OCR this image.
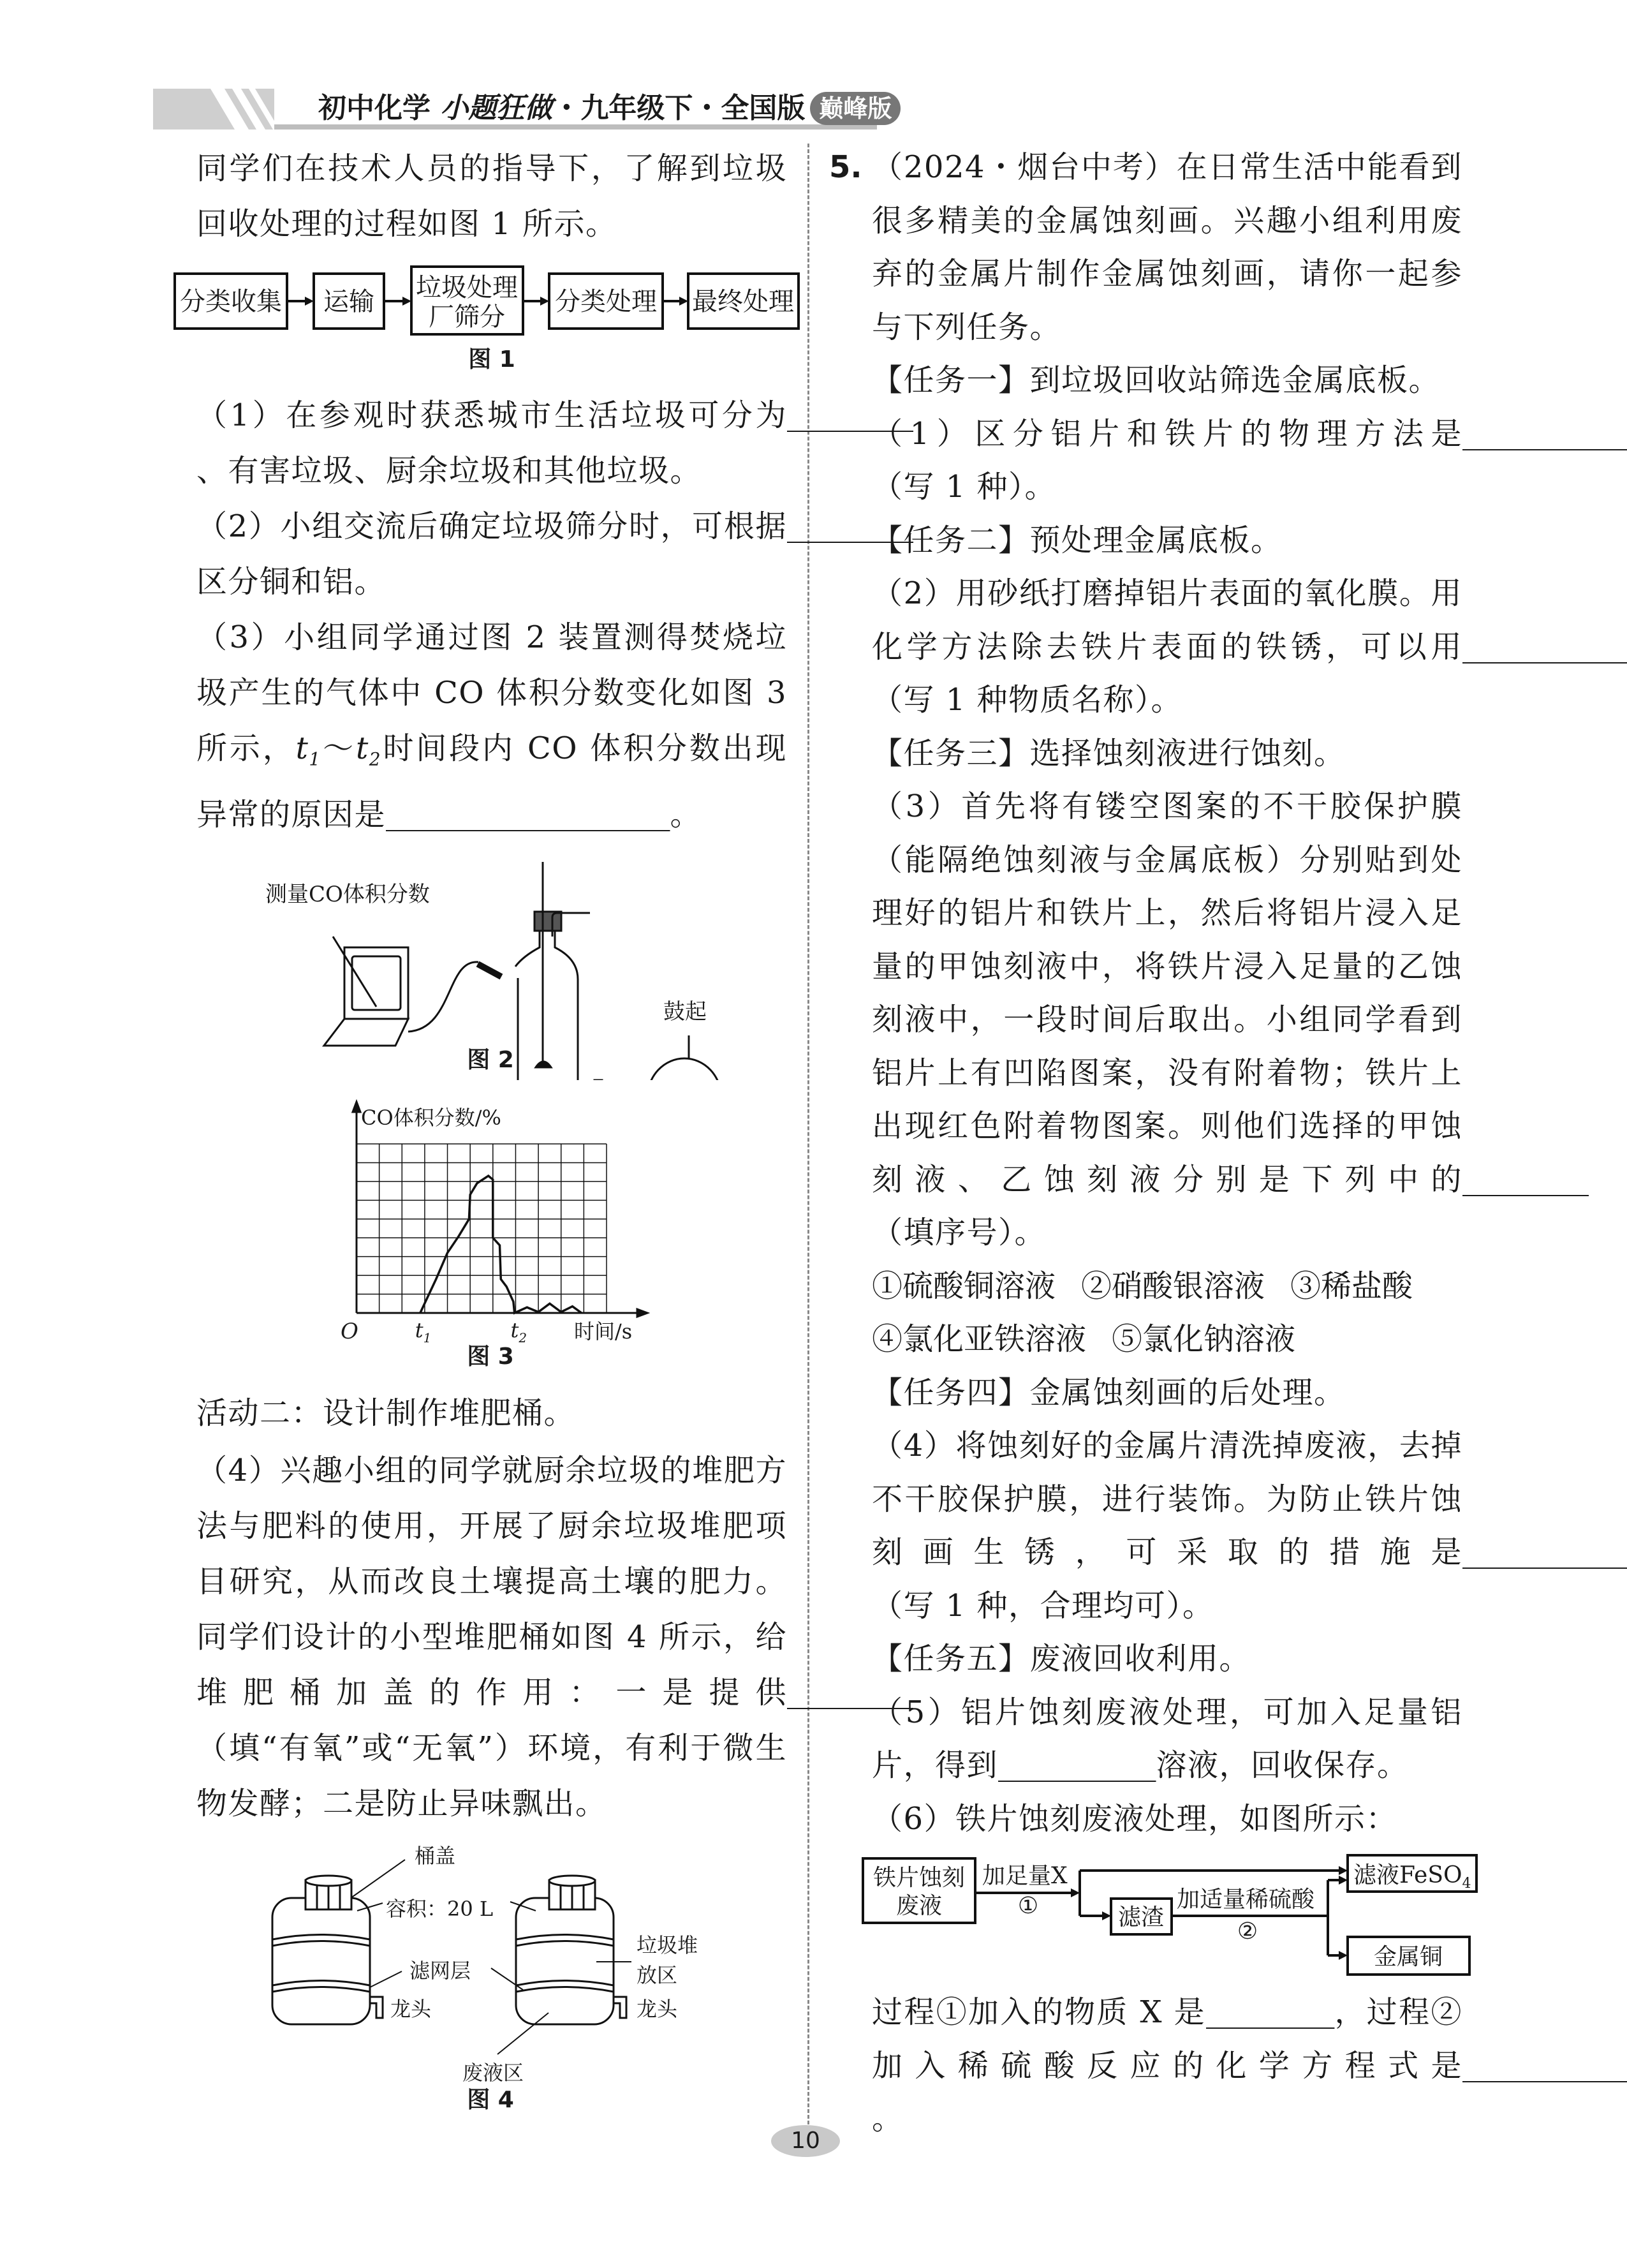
初中化学 小题狂做・九年级下・全国版 巅峰版
同学们在技术人员的指导下，了解到垃圾回收处理的过程如图 1 所示。
分类收集 运输 垃圾处理
厂筛分
分类处理 最终处理
图 1
（1）在参观时获悉城市生活垃圾可分为　　　　、有害垃圾、厨余垃圾和其他垃圾。
（2）小组交流后确定垃圾筛分时，可根据　　　　区分铜和铝。
（3）小组同学通过图 2 装置测得焚烧垃圾产生的气体中 CO 体积分数变化如图 3 所示，$t_1\sim t_2$时间段内 CO 体积分数出现异常的原因是　　　　　　　　　	。
测量CO体积分数
鼓起
图 2
CO体积分数/%
O	$t_1$	$t_2$ 时间/s
图 3
活动二：设计制作堆肥桶。
（4）兴趣小组的同学就厨余垃圾的堆肥方法与肥料的使用，开展了厨余垃圾堆肥项目研究，从而改良土壤提高土壤的肥力。同学们设计的小型堆肥桶如图 4 所示，给堆肥桶加盖的作用：一是提供　　　　（填“有氧”或“无氧”）环境，有利于微生物发酵；二是防止异味飘出。
桶盖
容积：20 L
滤网层
龙头	龙头
垃圾堆
放区
废液区
图 4
5. （2024・烟台中考）在日常生活中能看到很多精美的金属蚀刻画。兴趣小组利用废弃的金属片制作金属蚀刻画，请你一起参与下列任务。
【任务一】到垃圾回收站筛选金属底板。
（1）区分铝片和铁片的物理方法是　　　　　　　　　（写 1 种）。
【任务二】预处理金属底板。
（2）用砂纸打磨掉铝片表面的氧化膜。用化学方法除去铁片表面的铁锈，可以用　　　　　　（写 1 种物质名称）。
【任务三】选择蚀刻液进行蚀刻。
（3）首先将有镂空图案的不干胶保护膜（能隔绝蚀刻液与金属底板）分别贴到处理好的铝片和铁片上，然后将铝片浸入足量的甲蚀刻液中，将铁片浸入足量的乙蚀刻液中，一段时间后取出。小组同学看到铝片上有凹陷图案，没有附着物；铁片上出现红色附着物图案。则他们选择的甲蚀刻液、乙蚀刻液分别是下列中的　　　　（填序号）。
①硫酸铜溶液 ②硝酸银溶液 ③稀盐酸
④氯化亚铁溶液 ⑤氯化钠溶液
【任务四】金属蚀刻画的后处理。
（4）将蚀刻好的金属片清洗掉废液，去掉不干胶保护膜，进行装饰。为防止铁片蚀刻画生锈，可采取的措施是　　　　　　　　　　　　　　　　（写 1 种，合理均可）。
【任务五】废液回收利用。
（5）铝片蚀刻废液处理，可加入足量铝片，得到　　　　　	溶液，回收保存。
（6）铁片蚀刻废液处理，如图所示：
铁片蚀刻
废液
加足量X
①	滤渣
加适量稀硫酸
②
滤液FeSO$_4$
金属铜
过程①加入的物质 X 是　　　　	，过程②加入稀硫酸反应的化学方程式是　　　　　　　　　　　　　　　　。
10
